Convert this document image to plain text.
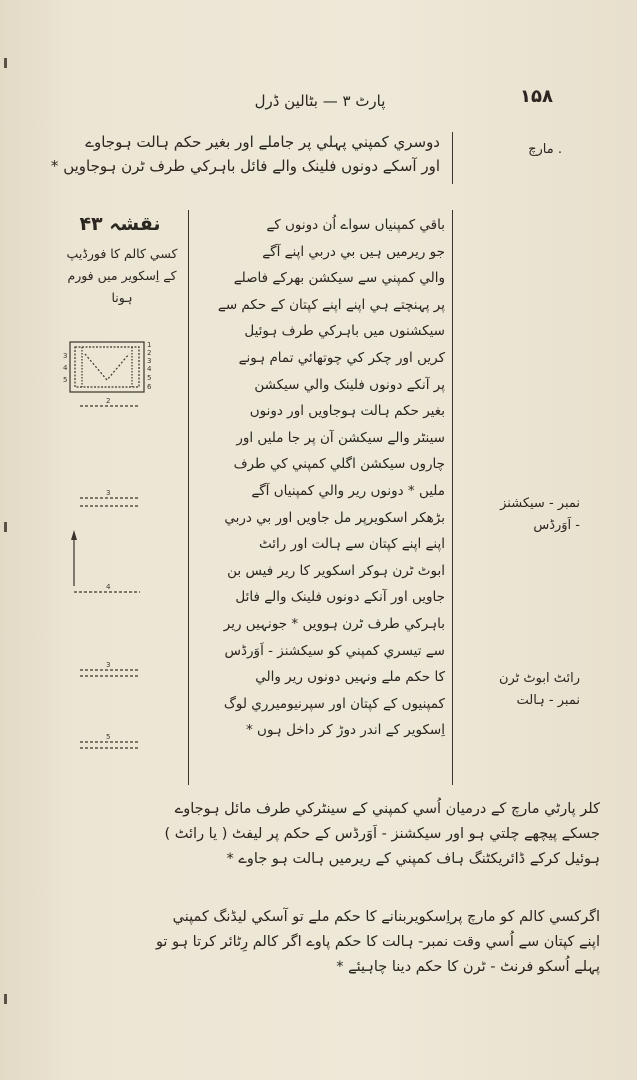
۱۵۸
پارٹ ۳ — بٹالین ڈرل
. مارچ
دوسري کمپني پہلي پر جاملے اور بغير حکم ہالت ہوجاوے
اور آسکے دونوں فلينک والے فائل باہرکي طرف ٹرن ہوجاويں *
نقشہ ۴۳
کسي کالم کا فورڈيپ
کے اِسکوير ميں فورم
ہونا
1
2
3
4
5
6
3
4
5
2
3
4
3
5
باقي کمپنياں سواے اُن دونوں کے
جو ريرميں ہيں بي دربي اپنے آگے
والي کمپني سے سيکشن بھرکے فاصلے
پر پہنچتے ہي اپنے اپنے کپتان کے حکم سے
سيکشنوں ميں باہرکي طرف ہوئيل
کريں اور چکر کي چوتھائي تمام ہونے
پر آنکے دونوں فلينک والي سيکشن
بغير حکم ہالت ہوجاويں اور دونوں
سينٹر والے سيکشن آن پر جا مليں اور
چاروں سيکشن اگلي کمپني کي طرف
مليں * دونوں رير والي کمپنياں آگے
بڑھکر اسکويرپر مل جاويں اور بي دربي
اپنے اپنے کپتان سے ہالت اور رائٹ
ابوٹ ٹرن ہوکر اسکوير کا رير فيس بن
جاويں اور آنکے دونوں فلينک والے فائل
باہرکي طرف ٹرن ہوويں * جونہيں رير
سے تيسري کمپني کو سيکشنز - اَوَرڈس
کا حکم ملے ونہيں دونوں رير والي
کمپنيوں کے کپتان اور سپرنيوميرري لوگ
اِسکوير کے اندر دوڑ کر داخل ہوں *
نمبر - سيکشنز
- اَوَرڈس
رائٹ ابوٹ ٹرن
نمبر - ہالت
کلر پارٹي مارچ کے درميان اُسي کمپني کے سينٹرکي طرف مائل ہوجاوے
جسکے پيچھے چلتي ہو اور سيکشنز - اَوَرڈس کے حکم پر ليفٹ ( يا رائٹ )
ہوئيل کرکے ڈائريکٹنگ ہاف کمپني کے ريرميں ہالت ہو جاوے *
اگرکسي کالم کو مارچ پراِسکويربنانے کا حکم ملے تو آسکي ليڈنگ کمپني
اپنے کپتان سے اُسي وقت نمبر- ہالت کا حکم پاوے اگر کالم رِٹائر کرتا ہو تو
پہلے اُسکو فرنٹ - ٹرن کا حکم دينا چاہيئے *
